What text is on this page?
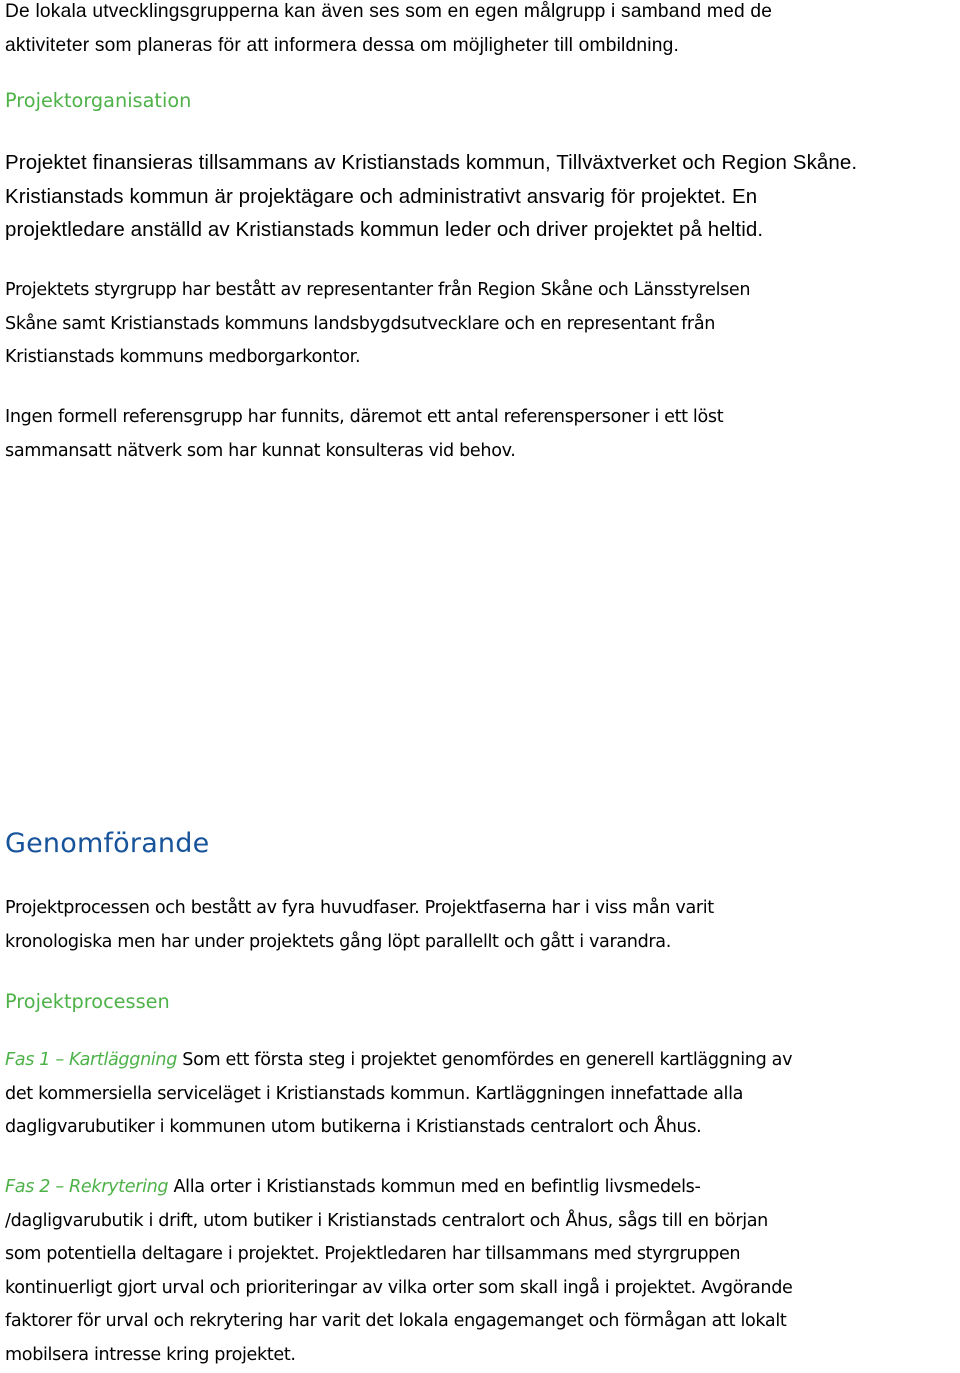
De lokala utvecklingsgrupperna kan även ses som en egen målgrupp i samband med de
aktiviteter som planeras för att informera dessa om möjligheter till ombildning.

Projektorganisation

Projektet finansieras tillsammans av Kristianstads kommun, Tillväxtverket och Region Skåne.
Kristianstads kommun är projektägare och administrativt ansvarig för projektet. En
projektledare anställd av Kristianstads kommun leder och driver projektet på heltid.

Projektets styrgrupp har bestått av representanter från Region Skåne och Länsstyrelsen
Skåne samt Kristianstads kommuns landsbygdsutvecklare och en representant från
Kristianstads kommuns medborgarkontor.

Ingen formell referensgrupp har funnits, däremot ett antal referenspersoner i ett löst
sammansatt nätverk som har kunnat konsulteras vid behov.

Genomförande

Projektprocessen och bestått av fyra huvudfaser. Projektfaserna har i viss mån varit
kronologiska men har under projektets gång löpt parallellt och gått i varandra.

Projektprocessen

Fas 1 – Kartläggning Som ett första steg i projektet genomfördes en generell kartläggning av
det kommersiella serviceläget i Kristianstads kommun. Kartläggningen innefattade alla
dagligvarubutiker i kommunen utom butikerna i Kristianstads centralort och Åhus.

Fas 2 – Rekrytering Alla orter i Kristianstads kommun med en befintlig livsmedels-
/dagligvarubutik i drift, utom butiker i Kristianstads centralort och Åhus, sågs till en början
som potentiella deltagare i projektet. Projektledaren har tillsammans med styrgruppen
kontinuerligt gjort urval och prioriteringar av vilka orter som skall ingå i projektet. Avgörande
faktorer för urval och rekrytering har varit det lokala engagemanget och förmågan att lokalt
mobilsera intresse kring projektet.
